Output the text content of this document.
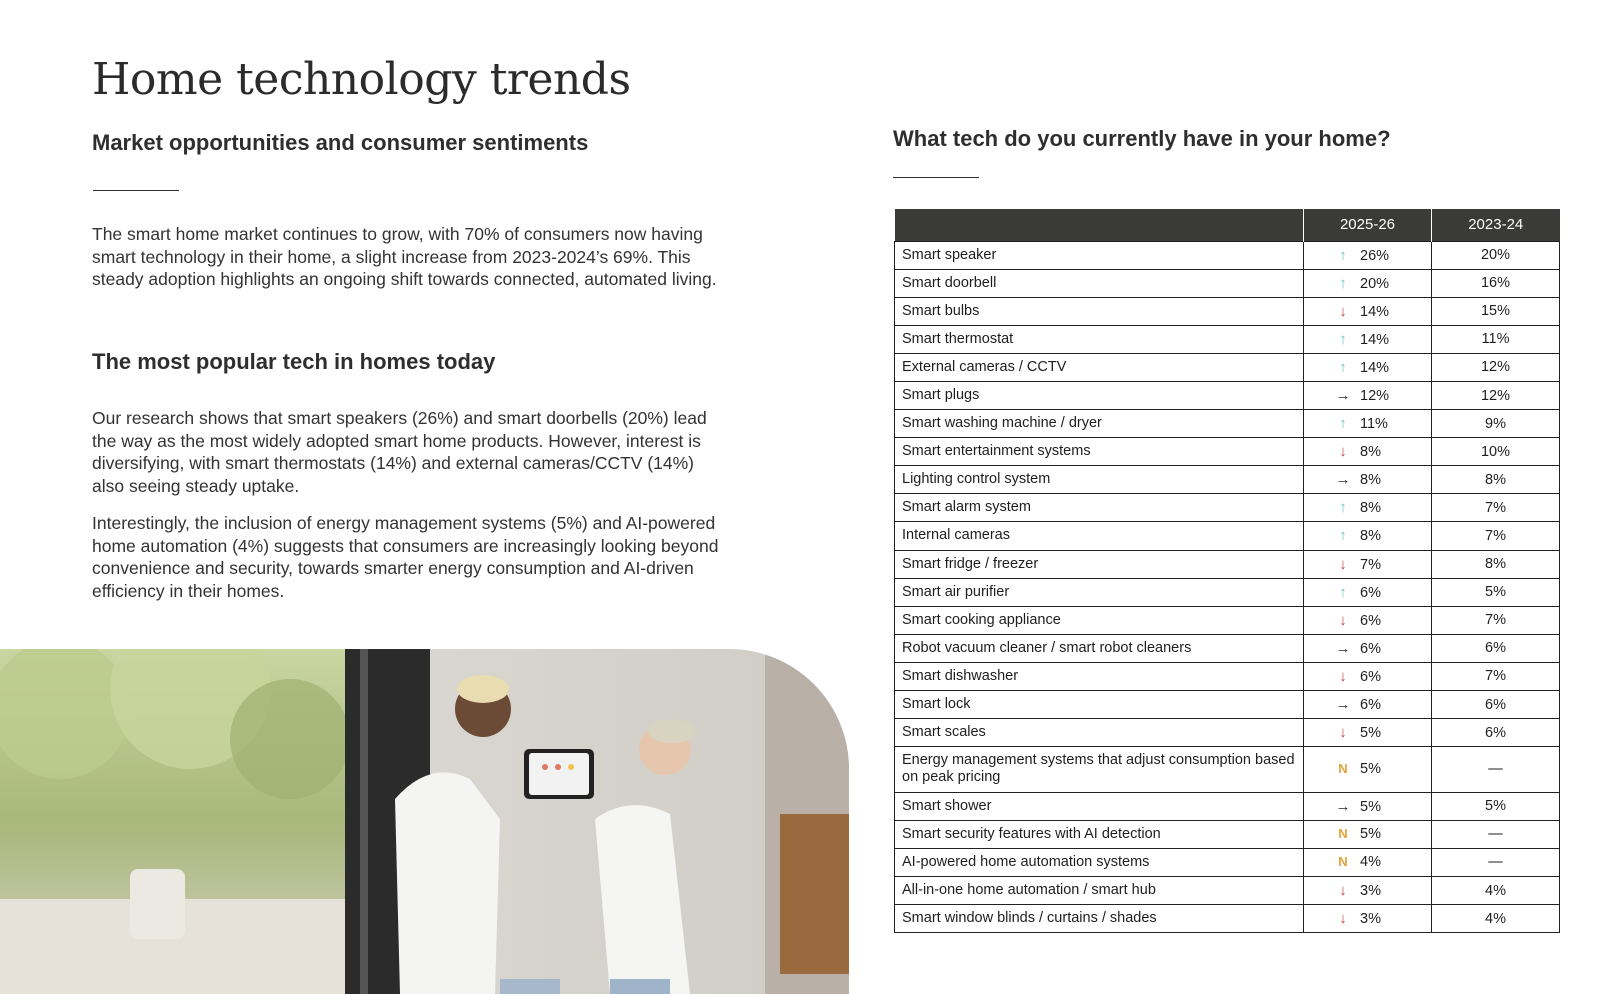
Home technology trends
Market opportunities and consumer sentiments

The smart home market continues to grow, with 70% of consumers now having smart technology in their home, a slight increase from 2023-2024’s 69%. This steady adoption highlights an ongoing shift towards connected, automated living.

The most popular tech in homes today

Our research shows that smart speakers (26%) and smart doorbells (20%) lead the way as the most widely adopted smart home products. However, interest is diversifying, with smart thermostats (14%) and external cameras/CCTV (14%) also seeing steady uptake.

Interestingly, the inclusion of energy management systems (5%) and AI-powered home automation (4%) suggests that consumers are increasingly looking beyond convenience and security, towards smarter energy consumption and AI-driven efficiency in their homes.

What tech do you currently have in your home?
	2025-26	2023-24
Smart speaker	↑ 26%	20%
Smart doorbell	↑ 20%	16%
Smart bulbs	↓ 14%	15%
Smart thermostat	↑ 14%	11%
External cameras / CCTV	↑ 14%	12%
Smart plugs	→ 12%	12%
Smart washing machine / dryer	↑ 11%	9%
Smart entertainment systems	↓ 8%	10%
Lighting control system	→ 8%	8%
Smart alarm system	↑ 8%	7%
Internal cameras	↑ 8%	7%
Smart fridge / freezer	↓ 7%	8%
Smart air purifier	↑ 6%	5%
Smart cooking appliance	↓ 6%	7%
Robot vacuum cleaner / smart robot cleaners	→ 6%	6%
Smart dishwasher	↓ 6%	7%
Smart lock	→ 6%	6%
Smart scales	↓ 5%	6%
Energy management systems that adjust consumption based on peak pricing	N 5%	—
Smart shower	→ 5%	5%
Smart security features with AI detection	N 5%	—
AI-powered home automation systems	N 4%	—
All-in-one home automation / smart hub	↓ 3%	4%
Smart window blinds / curtains / shades	↓ 3%	4%
